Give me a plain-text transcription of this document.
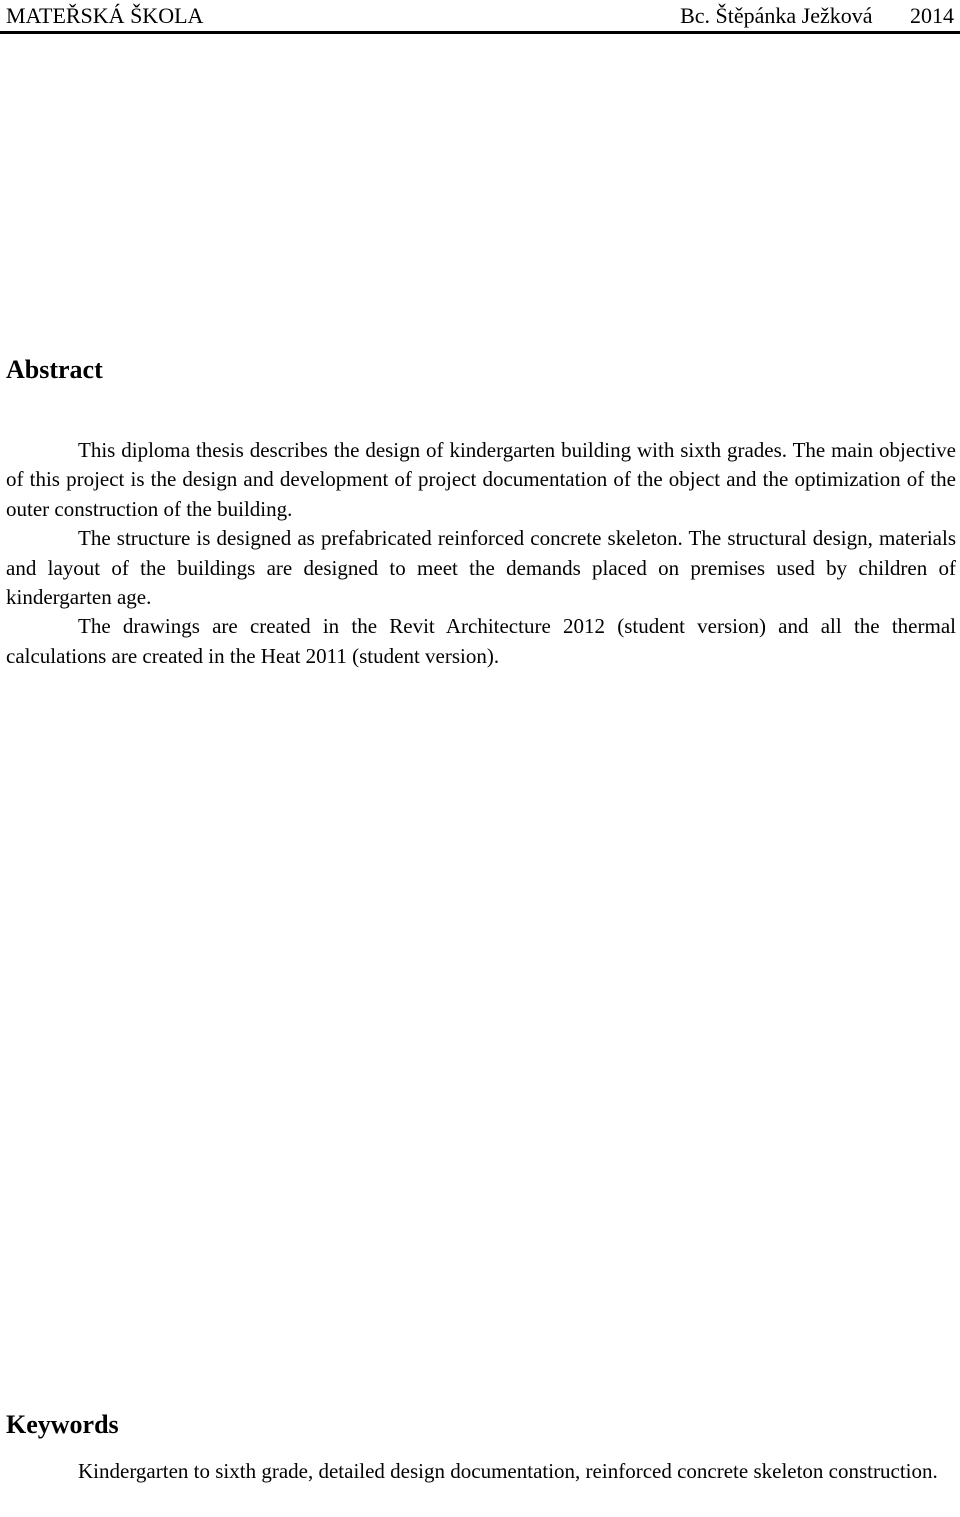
MATEŘSKÁ ŠKOLA	Bc. Štěpánka Ježková 2014
Abstract

This diploma thesis describes the design of kindergarten building with sixth grades. The main objective of this project is the design and development of project documentation of the object and the optimization of the outer construction of the building.

The structure is designed as prefabricated reinforced concrete skeleton. The structural design, materials and layout of the buildings are designed to meet the demands placed on premises used by children of kindergarten age.

The drawings are created in the Revit Architecture 2012 (student version) and all the thermal calculations are created in the Heat 2011 (student version).

Keywords

Kindergarten to sixth grade, detailed design documentation, reinforced concrete skeleton construction.
